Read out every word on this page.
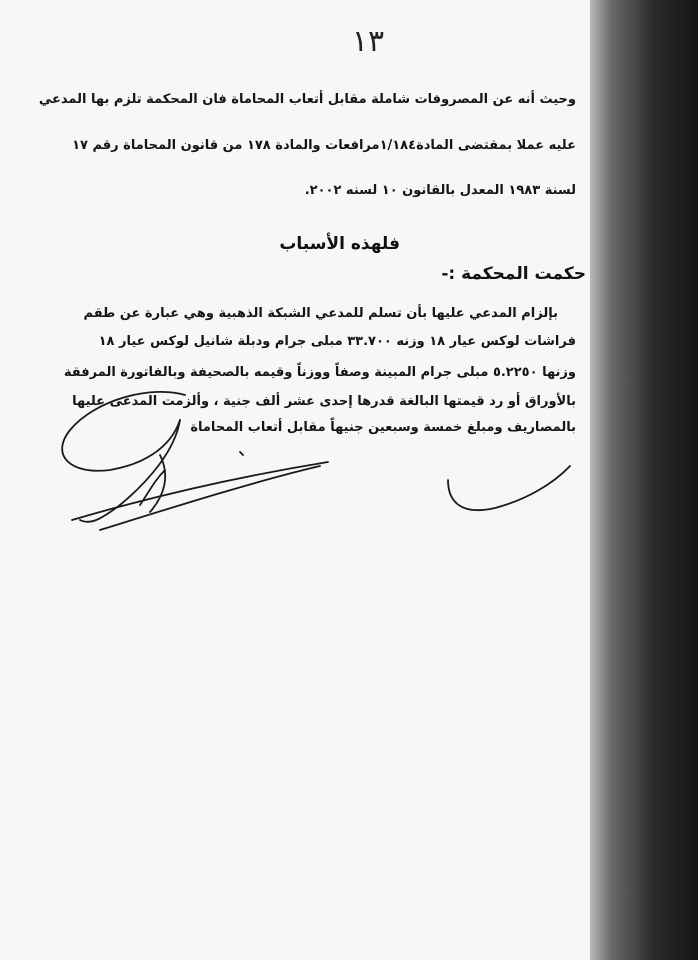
١٣
وحيث أنه عن المصروفات شاملة مقابل أتعاب المحاماة فان المحكمة تلزم بها المدعي
عليه عملا بمقتضى المادة١/١٨٤مرافعات والمادة ١٧٨ من قانون المحاماة رقم ١٧
لسنة ١٩٨٣ المعدل بالقانون ١٠ لسنه ٢٠٠٢.
فلهذه الأسباب
حكمت المحكمة :-
بإلزام المدعي عليها بأن تسلم للمدعي الشبكة الذهبية وهي عبارة عن طقم
فراشات لوكس عيار ١٨ وزنه ٣٣.٧٠٠ مبلى جرام ودبلة شانيل لوكس عيار ١٨
وزنها ٥.٢٢٥٠ مبلى جرام المبينة وصفاً ووزناً وقيمه بالصحيفة وبالفاتورة المرفقة
بالأوراق أو رد قيمتها البالغة قدرها إحدى عشر ألف جنية ، وألزمت المدعى عليها
بالمصاريف ومبلغ خمسة وسبعين جنيهاً مقابل أتعاب المحاماة
